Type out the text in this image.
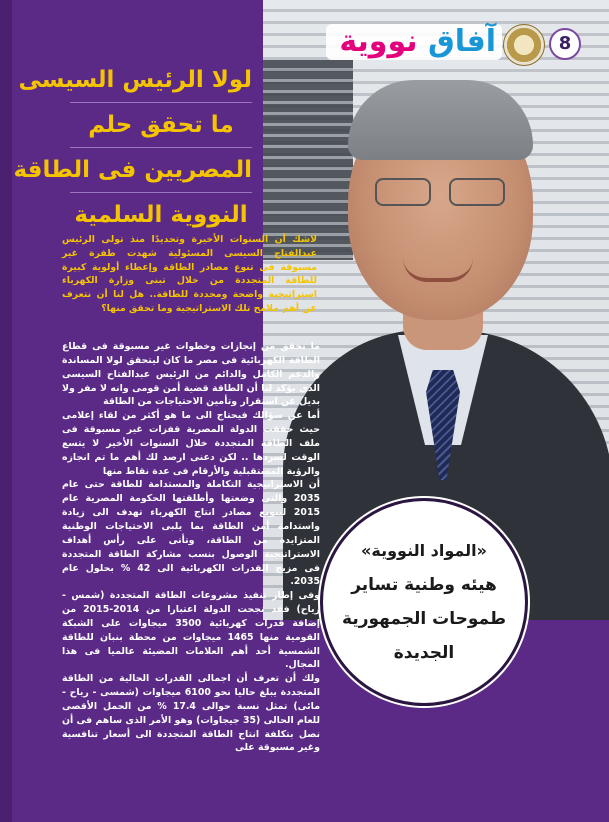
آفاق نووية	8
لولا الرئيس السيسى
ما تحقق حلم
المصريين فى الطاقة
النووية السلمية

لاشك أن السنوات الأخيرة وتحديدًا منذ تولى الرئيس عبدالفتاح السيسى المسئولية شهدت طفرة غير مسبوقة فى تنوع مصادر الطاقة وإعطاء أولوية كبيرة للطاقة المتجددة من خلال تبنى وزارة الكهرباء استراتيجية واضحة ومحددة للطاقة.. هل لنا أن نتعرف عن أهم ملامح تلك الاستراتيجية وما تحقق منها؟

ما تحقق من إنجازات وخطوات غير مسبوقة فى قطاع الطاقة الكهربائية فى مصر ما كان ليتحقق لولا المساندة والدعم الكامل والدائم من الرئيس عبدالفتاح السيسى الذى يؤكد لنا أن الطاقة قضية أمن قومى وانه لا مفر ولا بديل عن استقرار وتأمين الاحتياجات من الطاقة

أما عن سؤالك فيحتاج الى ما هو أكثر من لقاء إعلامى حيث حققت الدولة المصرية قفزات غير مسبوقة فى ملف الطاقة المتجددة خلال السنوات الأخير لا يتسع الوقت لسردها .. لكن دعنى ارصد لك أهم ما تم انجازه والرؤية المستقبلية والأرقام فى عدة نقاط منها

أن الاستراتيجية التكاملة والمستدامة للطاقة حتى عام 2035 والتى وضعتها وأطلقتها الحكومة المصرية عام 2015 لتنويع مصادر انتاج الكهرباء تهدف الى زيادة واستدامة أمن الطاقة بما يلبى الاحتياجات الوطنية المتزايدة من الطاقة، وتأتى على رأس أهداف الاستراتيجية الوصول بنسب مشاركة الطاقة المتجددة فى مزيج القدرات الكهربائية الى 42 % بحلول عام 2035.

وفى إطار تنفيذ مشروعات الطاقة المتجددة (شمس - رياح) فقد نجحت الدولة اعتبارا من 2014-2015 من إضافة قدرات كهربائية 3500 ميجاوات على الشبكة القومية منها 1465 ميجاوات من محطة بنبان للطاقة الشمسية أحد أهم العلامات المضيئة عالميا فى هذا المجال.

ولك أن تعرف أن اجمالى القدرات الحالية من الطاقة المتجددة يبلغ حاليا نحو 6100 ميجاوات (شمسى - رياح - مائى) تمثل نسبة حوالى 17.4 % من الحمل الأقصى للعام الحالى (35 جيجاوات) وهو الأمر الذى ساهم فى أن نصل بتكلفة انتاج الطاقة المتجددة الى أسعار تنافسية وغير مسبوقة على

«المواد النووية»
هيئه وطنية تساير
طموحات الجمهورية
الجديدة
